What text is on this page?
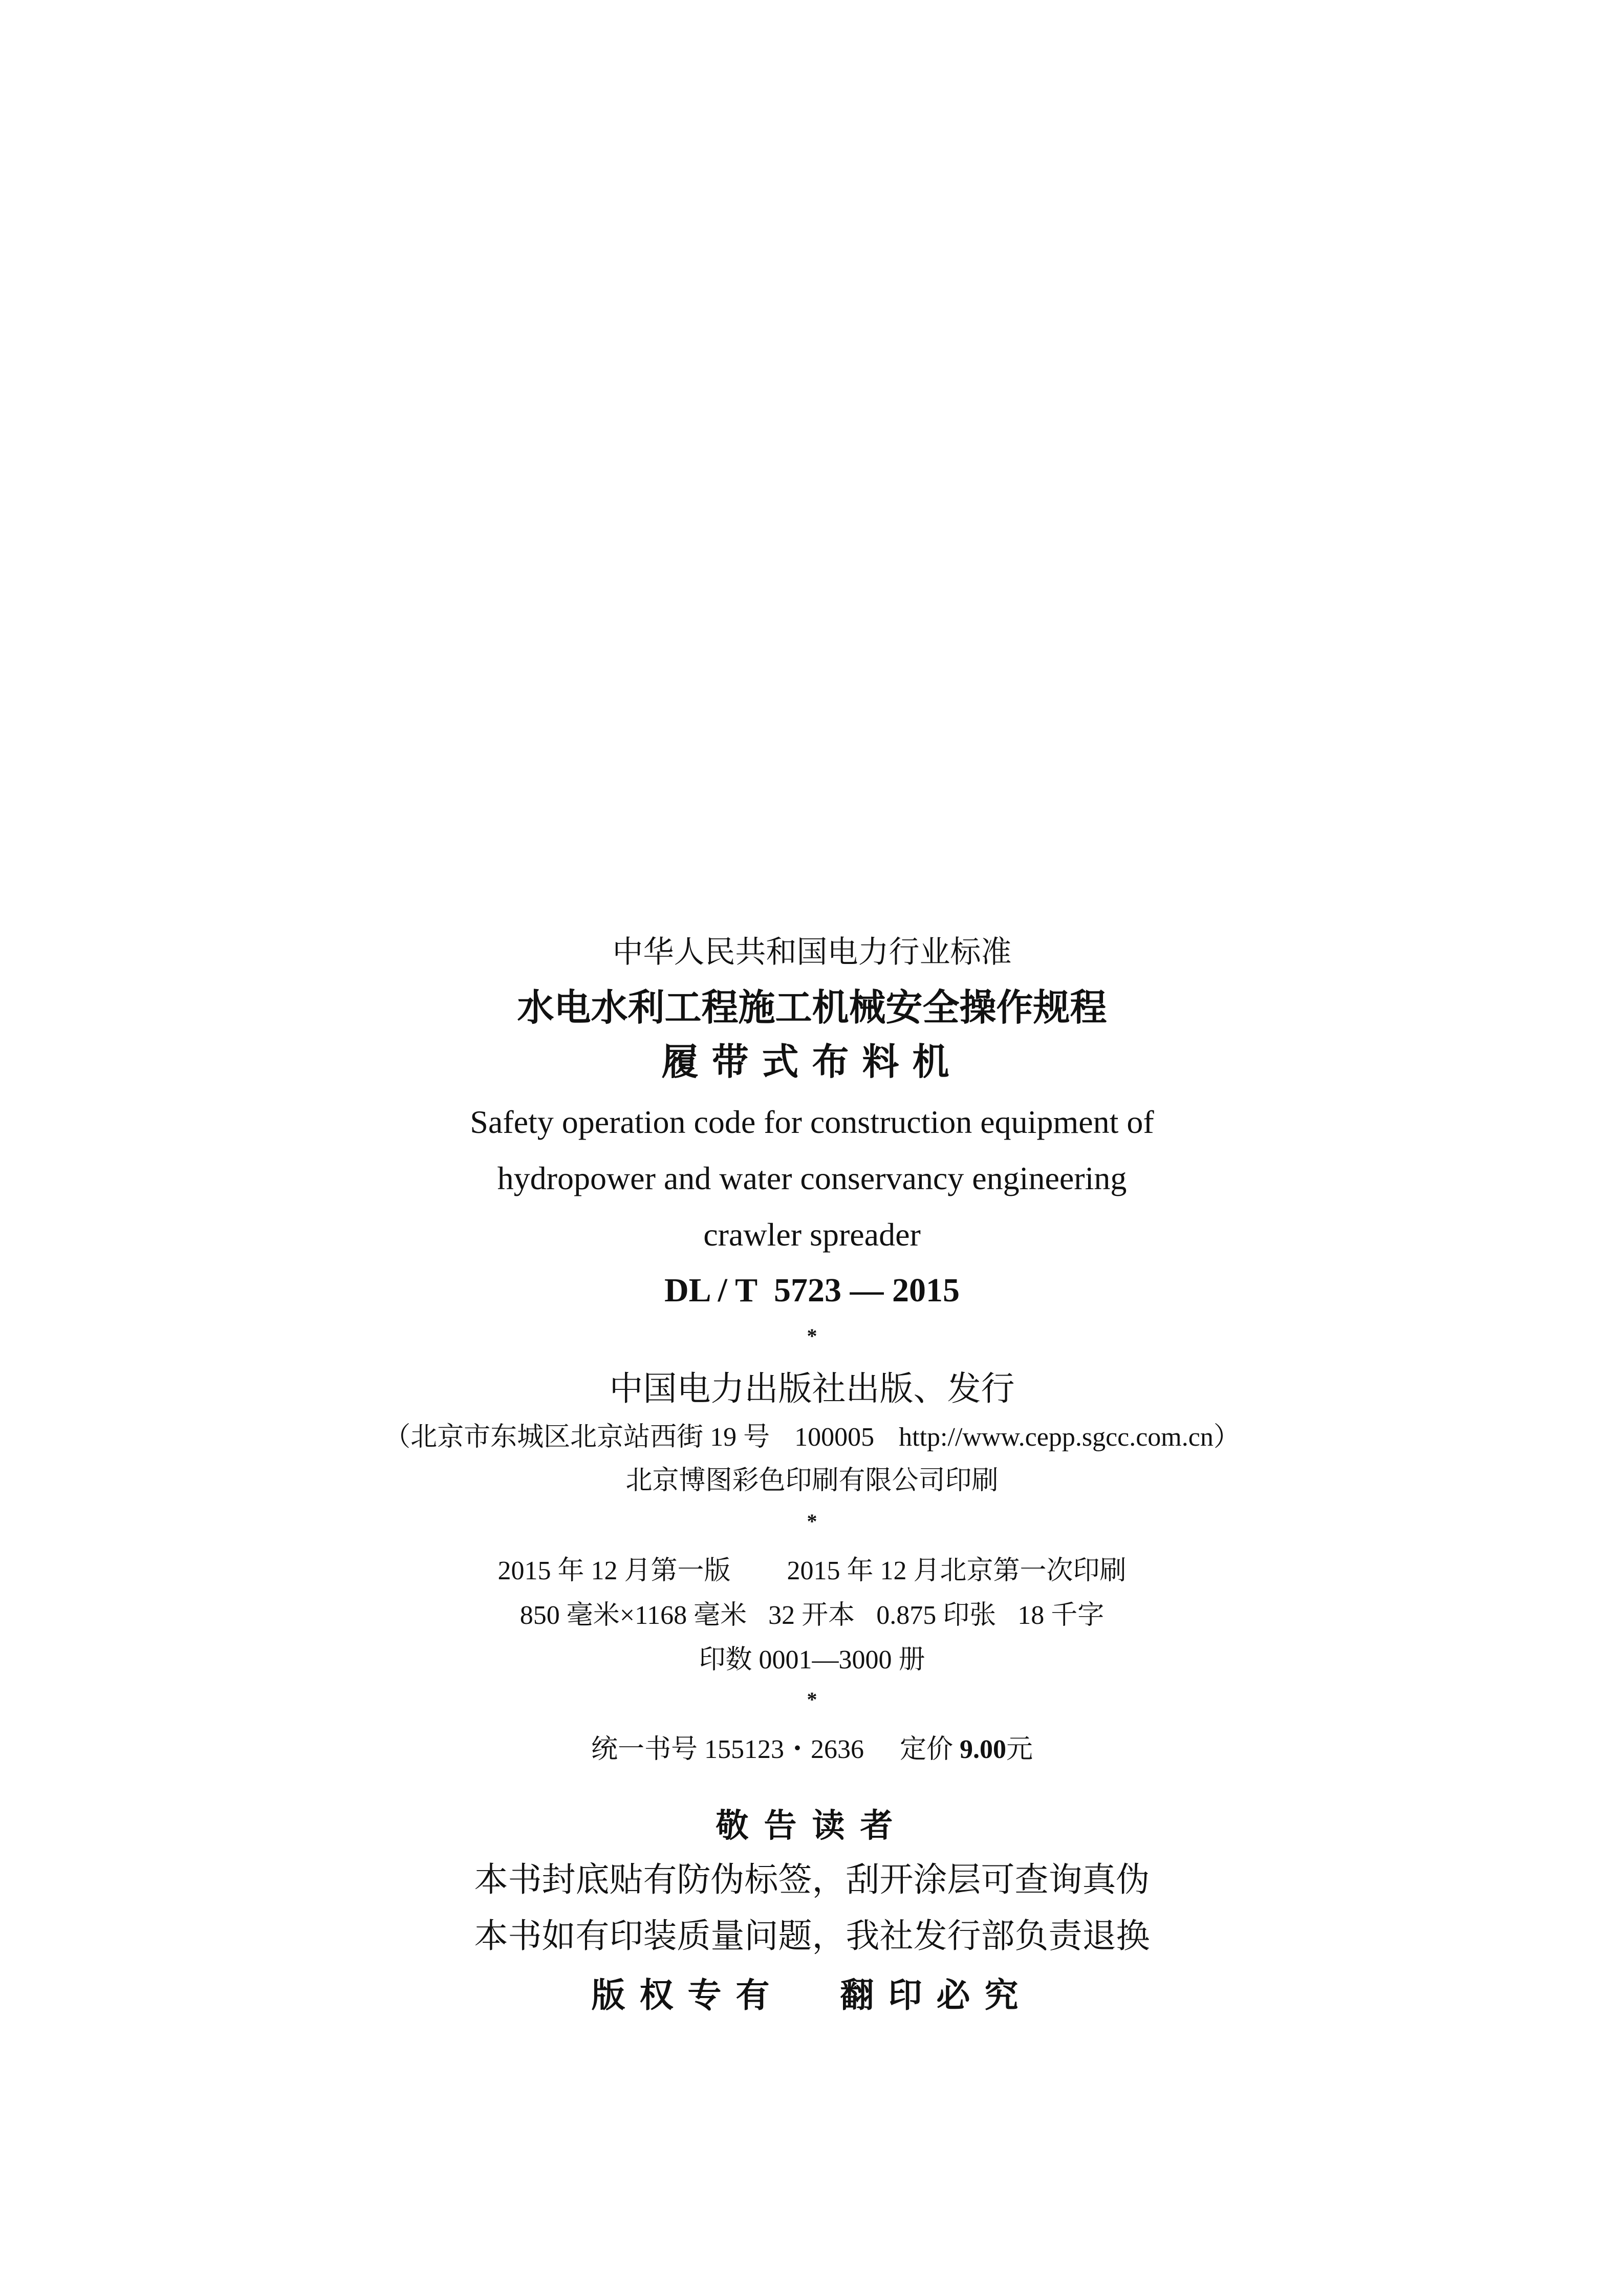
中华人民共和国电力行业标准
水电水利工程施工机械安全操作规程
履带式布料机
Safety operation code for construction equipment of
hydropower and water conservancy engineering
crawler spreader
DL / T  5723 — 2015
*
中国电力出版社出版、发行
（北京市东城区北京站西街 19 号 100005 http://www.cepp.sgcc.com.cn）
北京博图彩色印刷有限公司印刷
*
2015 年 12 月第一版 2015 年 12 月北京第一次印刷
850 毫米×1168 毫米 32 开本 0.875 印张 18 千字
印数 0001—3000 册
*
统一书号 155123・2636 定价 9.00元
敬告读者
本书封底贴有防伪标签，刮开涂层可查询真伪
本书如有印装质量问题，我社发行部负责退换
版权专有 翻印必究
